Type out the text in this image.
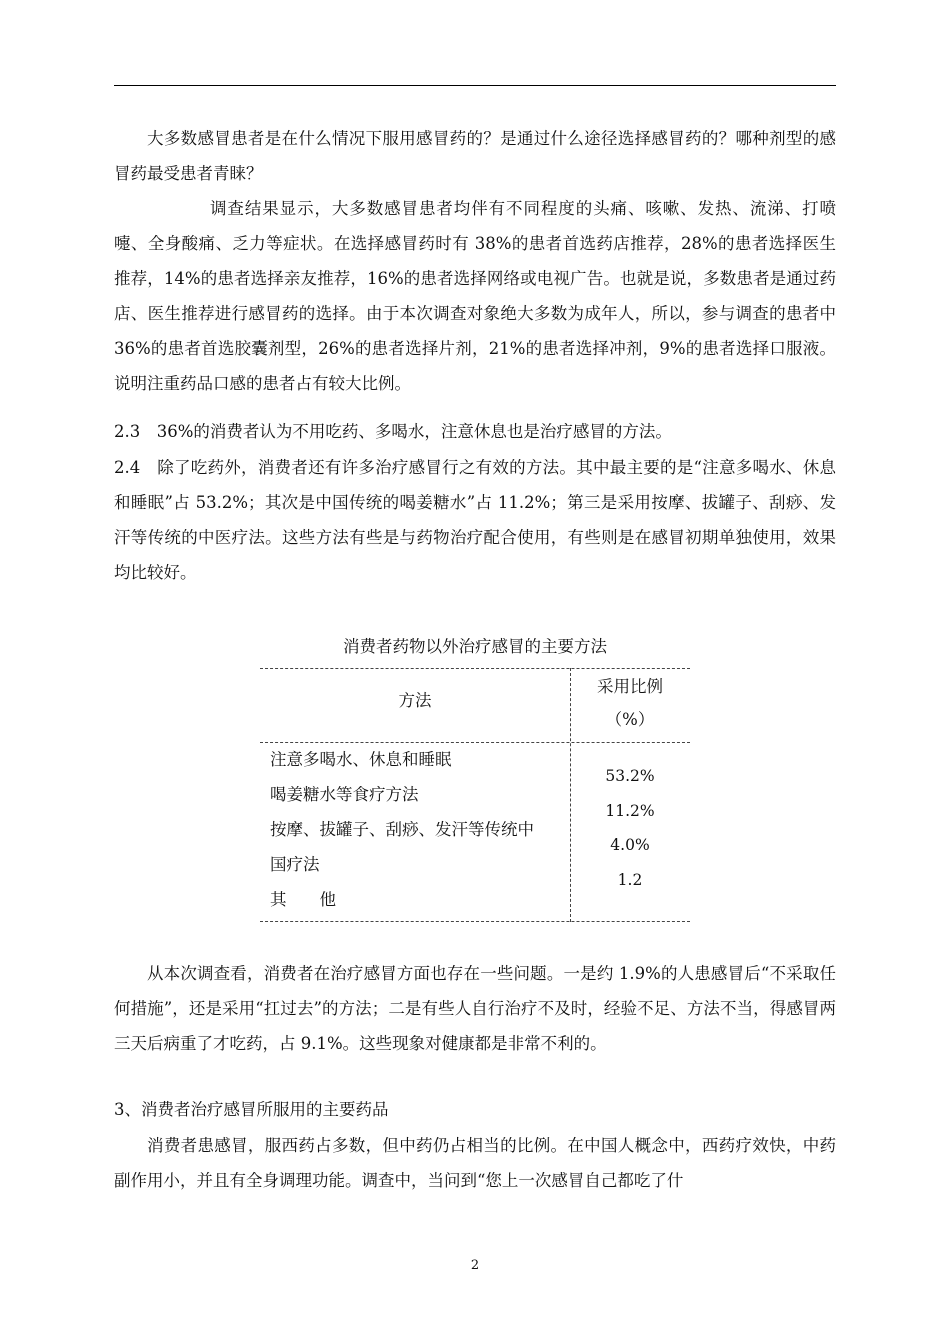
大多数感冒患者是在什么情况下服用感冒药的？是通过什么途径选择感冒药的？哪种剂型的感冒药最受患者青睐？

调查结果显示，大多数感冒患者均伴有不同程度的头痛、咳嗽、发热、流涕、打喷嚏、全身酸痛、乏力等症状。在选择感冒药时有 38%的患者首选药店推荐，28%的患者选择医生推荐，14%的患者选择亲友推荐，16%的患者选择网络或电视广告。也就是说，多数患者是通过药店、医生推荐进行感冒药的选择。由于本次调查对象绝大多数为成年人，所以，参与调查的患者中 36%的患者首选胶囊剂型，26%的患者选择片剂，21%的患者选择冲剂，9%的患者选择口服液。说明注重药品口感的患者占有较大比例。

2.3　36%的消费者认为不用吃药、多喝水，注意休息也是治疗感冒的方法。

2.4　除了吃药外，消费者还有许多治疗感冒行之有效的方法。其中最主要的是“注意多喝水、休息和睡眠”占 53.2%；其次是中国传统的喝姜糖水”占 11.2%；第三是采用按摩、拔罐子、刮痧、发汗等传统的中医疗法。这些方法有些是与药物治疗配合使用，有些则是在感冒初期单独使用，效果均比较好。

消费者药物以外治疗感冒的主要方法
方法
采用比例
（%）
注意多喝水、休息和睡眠
喝姜糖水等食疗方法
按摩、拔罐子、刮痧、发汗等传统中
国疗法
其　　他
53.2%
11.2%
4.0%
1.2

从本次调查看，消费者在治疗感冒方面也存在一些问题。一是约 1.9%的人患感冒后“不采取任何措施”，还是采用“扛过去”的方法；二是有些人自行治疗不及时，经验不足、方法不当，得感冒两三天后病重了才吃药，占 9.1%。这些现象对健康都是非常不利的。

3、消费者治疗感冒所服用的主要药品

消费者患感冒，服西药占多数，但中药仍占相当的比例。在中国人概念中，西药疗效快，中药副作用小，并且有全身调理功能。调查中，当问到“您上一次感冒自己都吃了什

2
